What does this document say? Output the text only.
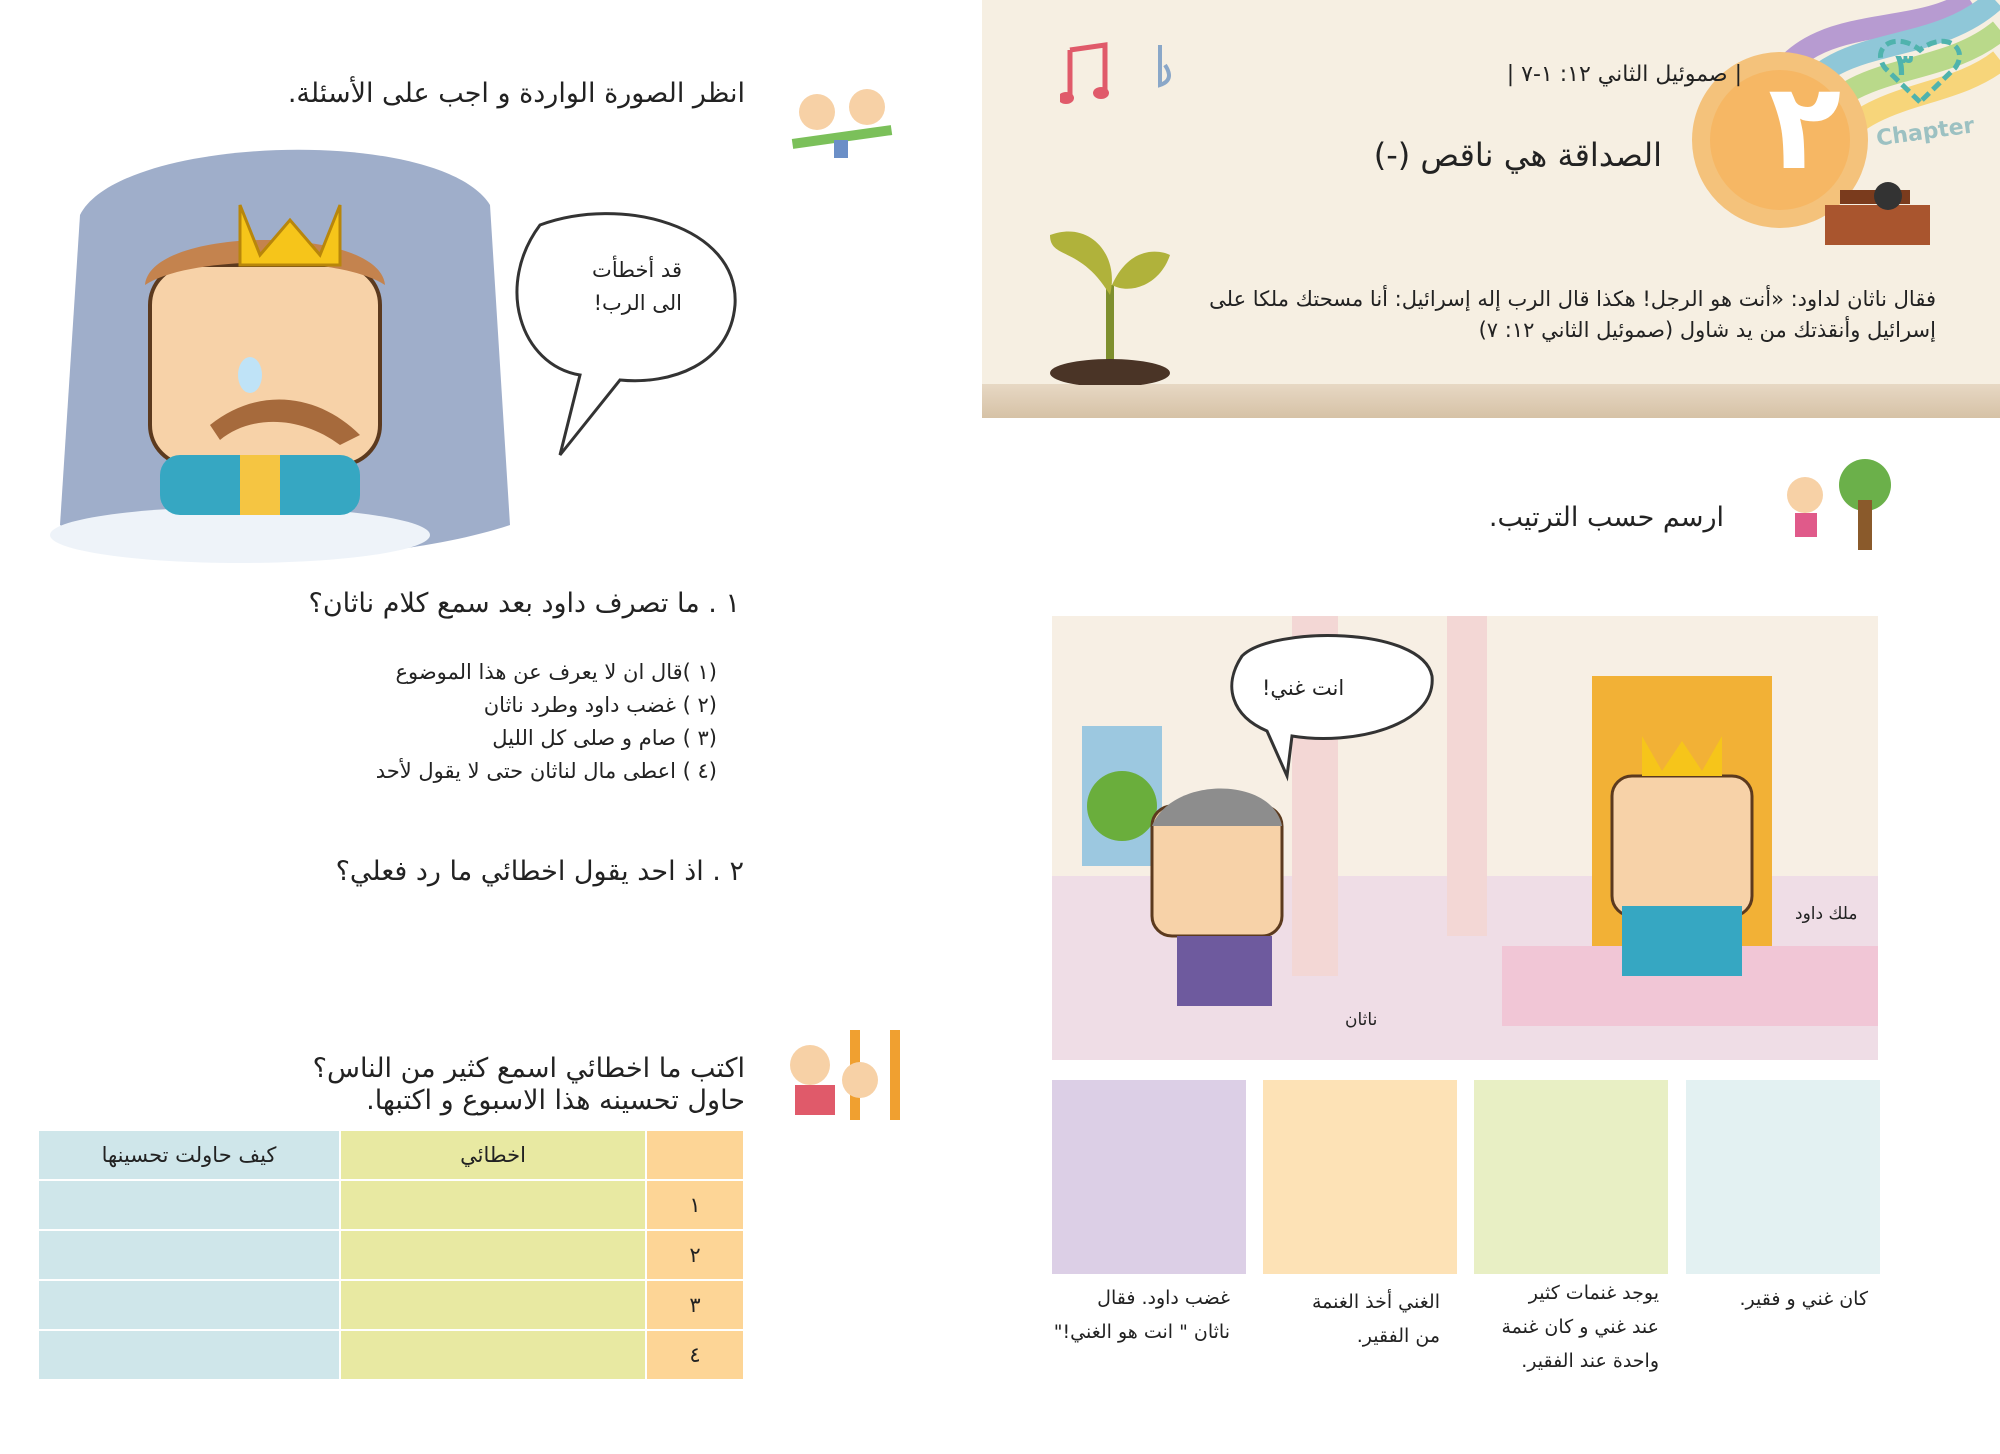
٣
٢ Chapter
| صموئيل الثاني ١٢: ١-٧ |
الصداقة هي ناقص (-)
فقال ناثان لداود: «أنت هو الرجل! هكذا قال الرب إله إسرائيل: أنا مسحتك ملكا على
إسرائيل وأنقذتك من يد شاول (صموئيل الثاني ١٢: ٧)
انظر الصورة الواردة و اجب على الأسئلة.
قد أخطأت
الى الرب!
١ . ما تصرف داود بعد سمع كلام ناثان؟
(١ )قال ان لا يعرف عن هذا الموضوع
(٢ ) غضب داود وطرد ناثان
(٣ ) صام و صلى كل الليل
(٤ ) اعطى مال لناثان حتى لا يقول لأحد
٢ . اذ احد يقول اخطائي ما رد فعلي؟
اكتب ما اخطائي اسمع كثير من الناس؟
حاول تحسينه هذا الاسبوع و اكتبها.
اخطائي
كيف حاولت تحسينها
١
٢
٣
٤
ارسم حسب الترتيب.
انت غني!
ملك داود
ناثان
كان غني و فقير.
يوجد غنمات كثير
عند غني و كان غنمة
واحدة عند الفقير.
الغني أخذ الغنمة
من الفقير.
غضب داود. فقال
ناثان " انت هو الغني!"
